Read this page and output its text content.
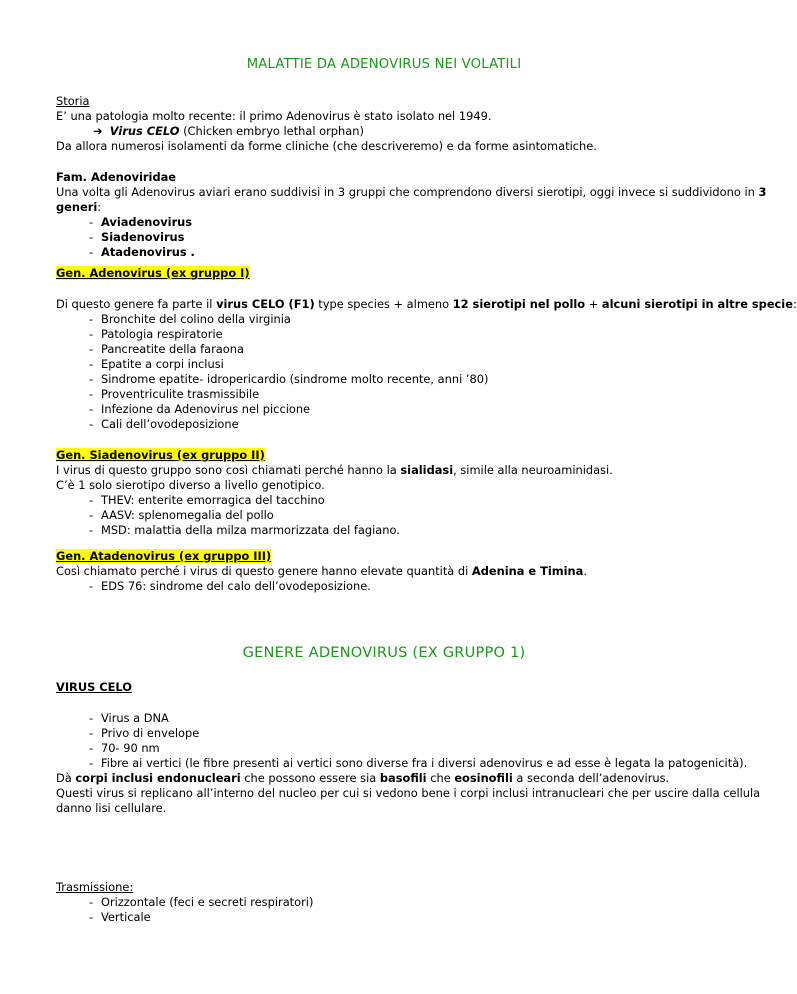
MALATTIE DA ADENOVIRUS NEI VOLATILI
Storia
E’ una patologia molto recente: il primo Adenovirus è stato isolato nel 1949.
➔ Virus CELO (Chicken embryo lethal orphan)
Da allora numerosi isolamenti da forme cliniche (che descriveremo) e da forme asintomatiche.
Fam. Adenoviridae
Una volta gli Adenovirus aviari erano suddivisi in 3 gruppi che comprendono diversi sierotipi, oggi invece si suddividono in 3
generi:
- Aviadenovirus
- Siadenovirus
- Atadenovirus .
Gen. Adenovirus (ex gruppo I)
Di questo genere fa parte il virus CELO (F1) type species + almeno 12 sierotipi nel pollo + alcuni sierotipi in altre specie:
- Bronchite del colino della virginia
- Patologia respiratorie
- Pancreatite della faraona
- Epatite a corpi inclusi
- Sindrome epatite- idropericardio (sindrome molto recente, anni ’80)
- Proventriculite trasmissibile
- Infezione da Adenovirus nel piccione
- Cali dell’ovodeposizione
Gen. Siadenovirus (ex gruppo II)
I virus di questo gruppo sono così chiamati perché hanno la sialidasi, simile alla neuroaminidasi.
C’è 1 solo sierotipo diverso a livello genotipico.
- THEV: enterite emorragica del tacchino
- AASV: splenomegalia del pollo
- MSD: malattia della milza marmorizzata del fagiano.
Gen. Atadenovirus (ex gruppo III)
Così chiamato perché i virus di questo genere hanno elevate quantità di Adenina e Timina.
- EDS 76: sindrome del calo dell’ovodeposizione.
GENERE ADENOVIRUS (EX GRUPPO 1)
VIRUS CELO
- Virus a DNA
- Privo di envelope
- 70- 90 nm
- Fibre ai vertici (le fibre presenti ai vertici sono diverse fra i diversi adenovirus e ad esse è legata la patogenicità).
Dà corpi inclusi endonucleari che possono essere sia basofili che eosinofili a seconda dell’adenovirus.
Questi virus si replicano all’interno del nucleo per cui si vedono bene i corpi inclusi intranucleari che per uscire dalla cellula
danno lisi cellulare.
Trasmissione:
- Orizzontale (feci e secreti respiratori)
- Verticale
